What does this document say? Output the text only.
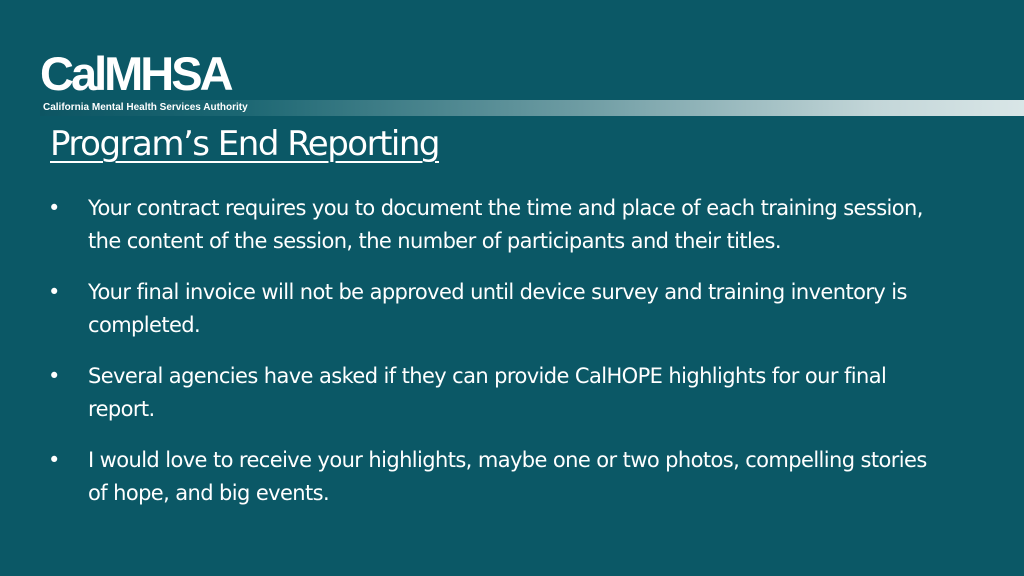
CalMHSA
California Mental Health Services Authority
Program’s End Reporting
• Your contract requires you to document the time and place of each training session, the content of the session, the number of participants and their titles.
• Your final invoice will not be approved until device survey and training inventory is completed.
• Several agencies have asked if they can provide CalHOPE highlights for our final report.
• I would love to receive your highlights, maybe one or two photos, compelling stories of hope, and big events.
